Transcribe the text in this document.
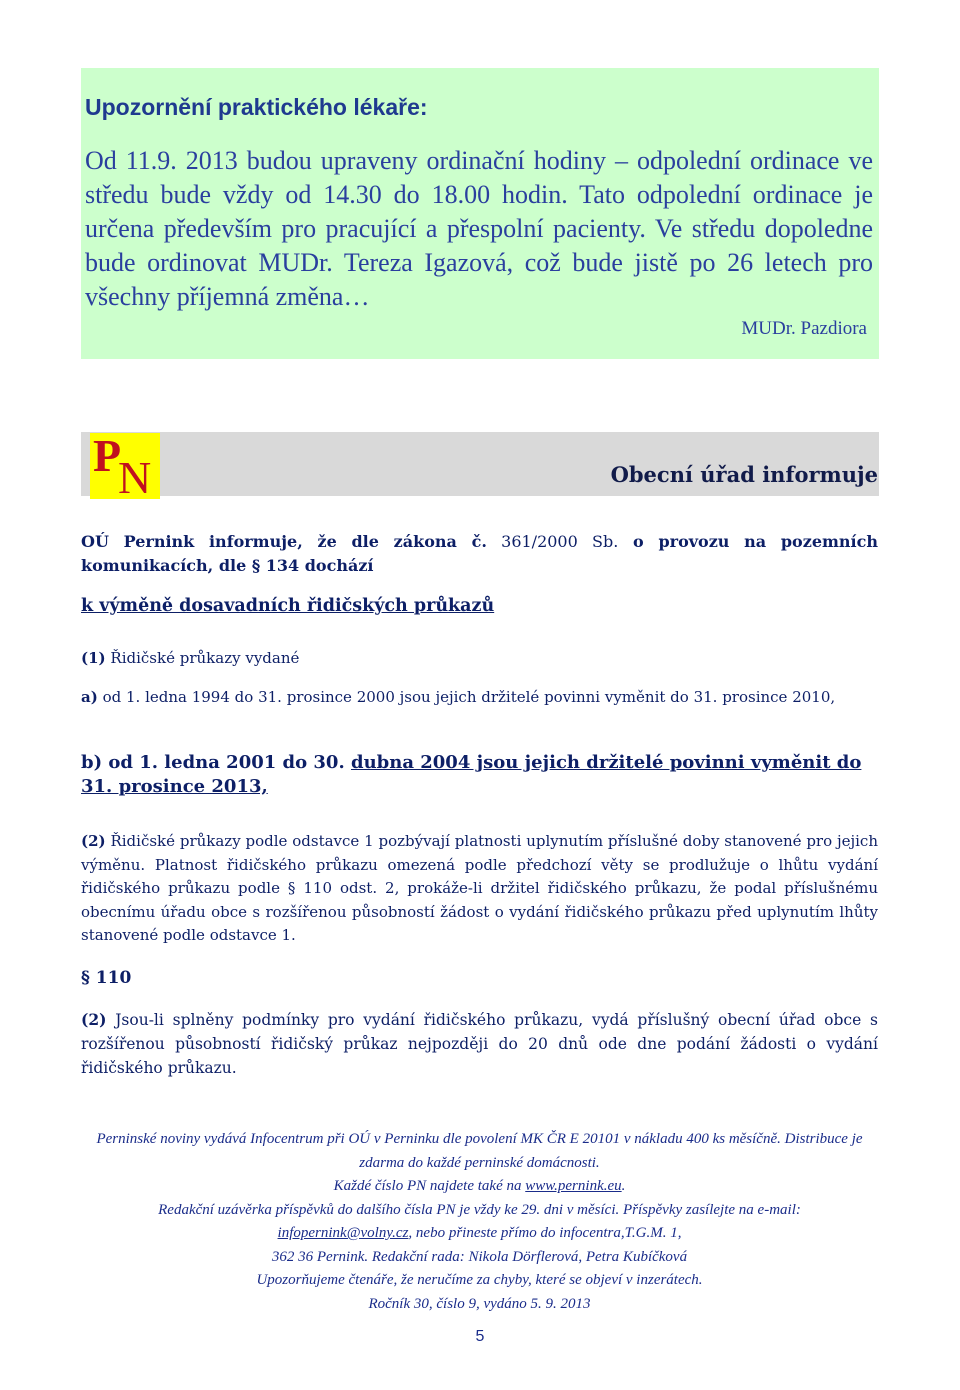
Upozornění praktického lékaře:
Od 11.9. 2013 budou upraveny ordinační hodiny – odpolední ordinace ve středu bude vždy od 14.30 do 18.00 hodin. Tato odpolední ordinace je určena především pro pracující a přespolní pacienty. Ve středu dopoledne bude ordinovat MUDr. Tereza Igazová, což bude jistě po 26 letech pro všechny příjemná změna…
MUDr. Pazdiora
P
N	Obecní úřad informuje
OÚ Pernink informuje, že dle zákona č. 361/2000 Sb. o provozu na pozemních komunikacích, dle § 134 dochází
k výměně dosavadních řidičských průkazů
(1) Řidičské průkazy vydané
a) od 1. ledna 1994 do 31. prosince 2000 jsou jejich držitelé povinni vyměnit do 31. prosince 2010,
b) od 1. ledna 2001 do 30. dubna 2004 jsou jejich držitelé povinni vyměnit do 31. prosince 2013,
(2) Řidičské průkazy podle odstavce 1 pozbývají platnosti uplynutím příslušné doby stanovené pro jejich výměnu. Platnost řidičského průkazu omezená podle předchozí věty se prodlužuje o lhůtu vydání řidičského průkazu podle § 110 odst. 2, prokáže-li držitel řidičského průkazu, že podal příslušnému obecnímu úřadu obce s rozšířenou působností žádost o vydání řidičského průkazu před uplynutím lhůty stanovené podle odstavce 1.
§ 110
(2) Jsou-li splněny podmínky pro vydání řidičského průkazu, vydá příslušný obecní úřad obce s rozšířenou působností řidičský průkaz nejpozději do 20 dnů ode dne podání žádosti o vydání řidičského průkazu.
Perninské noviny vydává Infocentrum při OÚ v Perninku dle povolení MK ČR E 20101 v nákladu 400 ks měsíčně. Distribuce je zdarma do každé perninské domácnosti.
Každé číslo PN najdete také na www.pernink.eu.
Redakční uzávěrka příspěvků do dalšího čísla PN je vždy ke 29. dni v měsíci. Příspěvky zasílejte na e-mail:
infopernink@volny.cz, nebo přineste přímo do infocentra,T.G.M. 1,
362 36 Pernink. Redakční rada: Nikola Dörflerová, Petra Kubíčková
Upozorňujeme čtenáře, že neručíme za chyby, které se objeví v inzerátech.
Ročník 30, číslo 9, vydáno 5. 9. 2013
5
